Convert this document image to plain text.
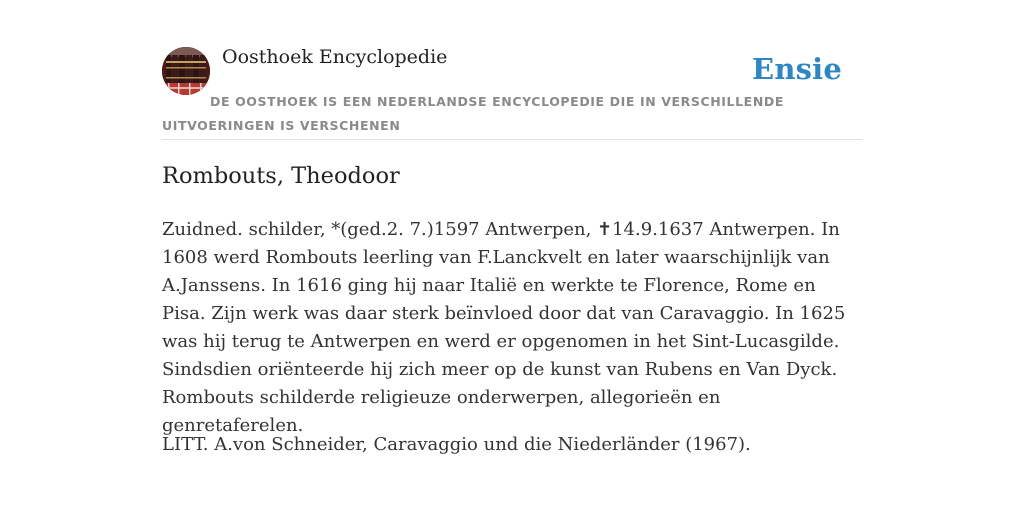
Oosthoek Encyclopedie	Ensie

DE OOSTHOEK IS EEN NEDERLANDSE ENCYCLOPEDIE DIE IN VERSCHILLENDE UITVOERINGEN IS VERSCHENEN

Rombouts, Theodoor

Zuidned. schilder, *(ged.2. 7.)1597 Antwerpen, ✝14.9.1637 Antwerpen. In 1608 werd Rombouts leerling van F.Lanckvelt en later waarschijnlijk van A.Janssens. In 1616 ging hij naar Italië en werkte te Florence, Rome en Pisa. Zijn werk was daar sterk beïnvloed door dat van Caravaggio. In 1625 was hij terug te Antwerpen en werd er opgenomen in het Sint-Lucasgilde. Sindsdien oriënteerde hij zich meer op de kunst van Rubens en Van Dyck. Rombouts schilderde religieuze onderwerpen, allegorieën en genretaferelen.

LITT. A.von Schneider, Caravaggio und die Niederländer (1967).
